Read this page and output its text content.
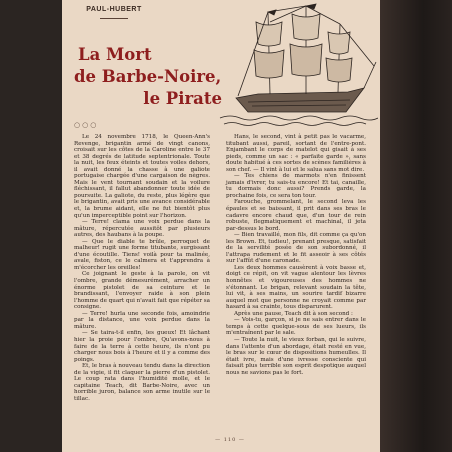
PAUL-HUBERT
La Mort
de Barbe-Noire,
le Pirate
○○○

Le 24 novembre 1718, le Queen-Ann's Revenge, brigantin armé de vingt canons, croisait sur les côtes de la Caroline entre le 37 et 38 degrés de latitude septentrionale. Toute la nuit, les feux éteints et toutes voiles dehors, il avait donné la chasse à une galiote portugaise chargée d'une cargaison de nègres. Mais le vent tournant soudain et la voilure fléchissant, il fallut abandonner toute idée de poursuite. La galiote, du reste, plus légère que le brigantin, avait pris une avance considérable et, la brume aidant, elle ne fut bientôt plus qu'un imperceptible point sur l'horizon.

— Terre! clama une voix perdue dans la mâture, répercutée aussitôt par plusieurs autres, des haubans à la poupe.

— Que le diable te brûle, perroquet de malheur! rugit une forme titubante, surgissant d'une écoutille. Tiens! voilà pour ta malinée, avale, fiston, ce le calmera et t'apprendra à m'écorcher les oreilles!

Ce joignant le geste à la parole, on vit l'ombre, grande démesurément, arracher un énorme pistolet de sa ceinture et le brandissant, l'envoyer raide à son plein l'homme de quart qui n'avait fait que répéter sa consigne.

— Terre! hurla une seconde fois, amoindrie par la distance, une voix perdue dans la mâture.

— Se taira-t-il enfin, les gueux! Et lâchant hier la proie pour l'ombre, Qu'avons-nous à faire de la terre à cette heure, ils n'ont pu charger nous bois à l'heure et il y a comme des poings.

Et, le bras à nouveau tendu dans la direction de la vigie, il fit claquer la pierre d'un pistolet. Le coup rata dans l'humidité molle, et le capitaine Teach, dit Barbe-Noire, avec un horrible juron, balance son arme inutile sur le tillac.

Hans, le second, vint à petit pas le vacarme, titubant aussi, pareil, sortant de l'entre-pont. Enjambant le corps de matelot qui gisait à ses pieds, comme un sac : « parfaite garde », sans doute habitué à ces sortes de scènes familières à son chef. — Il vint à lui et le salua sans mot dire.

— Tes chiens de marmots n'en finissent jamais d'ivrer, tu sais-tu encore! Et tai, canaille, tu dormais donc aussi? Prends garde, la prochaine fois, ce sera ton tour.

Farouche, grommelant, le second leva les épaules et se baissant, il prit dans ses bras le cadavre encore chaud que, d'un tour de rein robuste, flegmatiquement et machinal, il jeta par-dessus le bord.

— Bien travaillé, mon fils, dit comme ça qu'on les Brown. Et, tudieu!, prenant presque, satisfait de la servilité posée de son subordonné, il l'attrapa rudement et le fit asseoir à ses côtés sur l'affût d'une caronade.

Les deux hommes causèrent à voix basse et, doigt ce répit, on vit vague alentour les lèvres honnêtes et vigoureuses des hommes ne s'étonnant. Le brigan, relevant soudain la tête, lui vit, à ses mains, un sourire tardif bizarre auquel mot que personne ne croyait comme par hasard à sa crainte, tous disparurent.

Après une pause, Teach dit à son second :

— Vois-tu, garçon, si je ne sais entrer dans le temps à cette quelque-sous de ses lueurs, ils m'entraînent par le sale.

— Toute la nuit, le vieux forban, qui le suivre, dans l'attente d'un abordage, était resté en vue, le bras sur le cœur de dispositions humeulles. Il était ivre, mais d'une ivresse consciente qui faisait plus terrible son esprit despotique auquel nous ne savions pas le fort.

— 110 —
